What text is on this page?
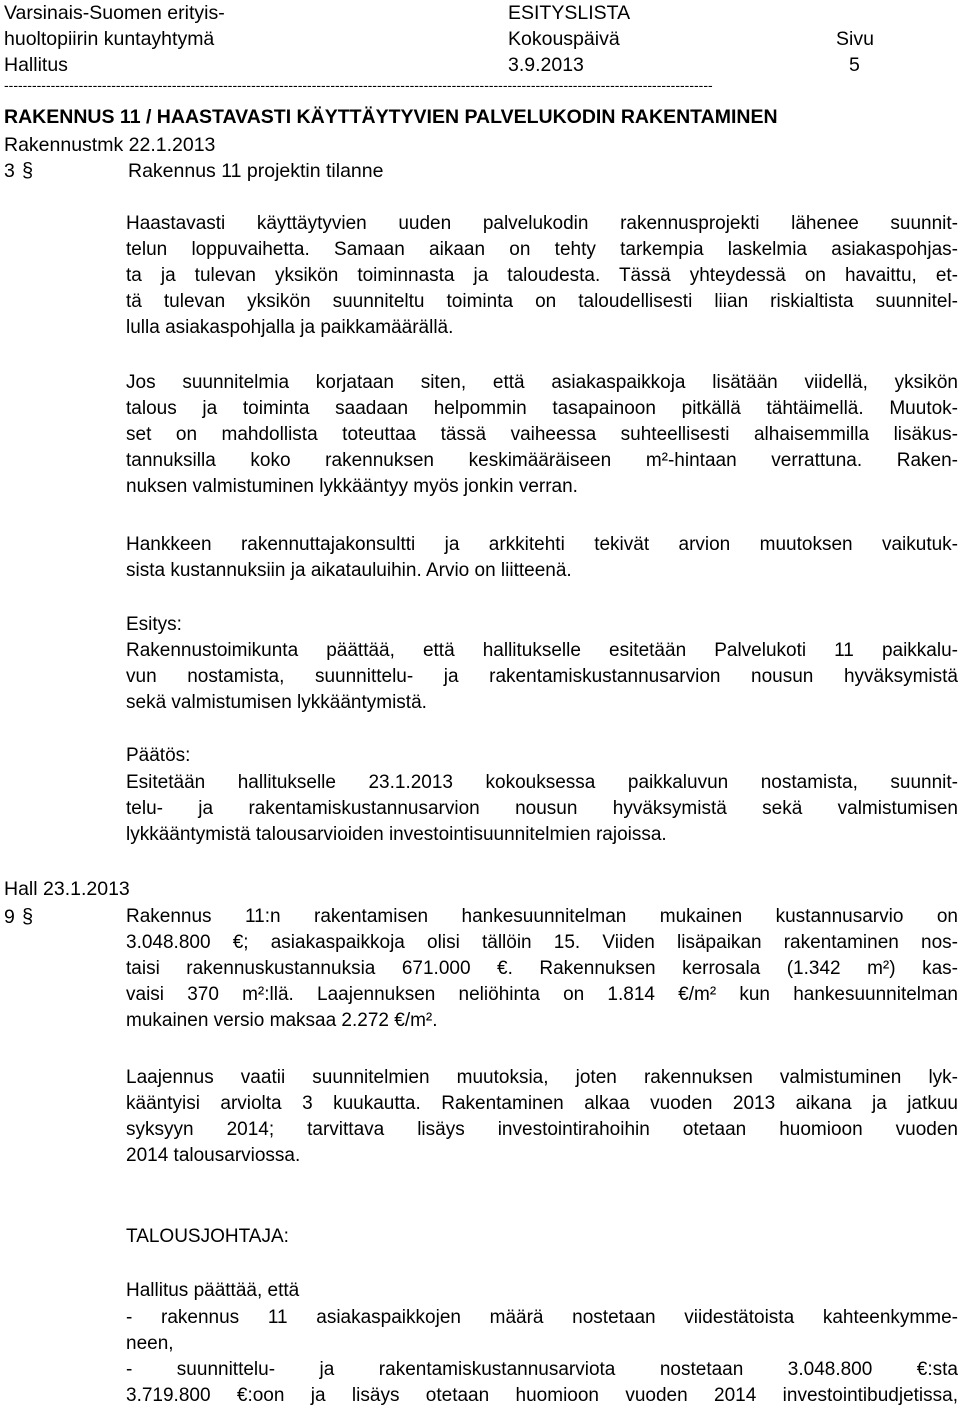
Varsinais-Suomen erityis-
huoltopiirin kuntayhtymä
Hallitus
ESITYSLISTA
Kokouspäivä
3.9.2013
Sivu
5
--------------------------------------------------------------------------------------------------------------------------------------------------------
RAKENNUS 11 / HAASTAVASTI KÄYTTÄYTYVIEN PALVELUKODIN RAKENTAMINEN
Rakennustmk 22.1.2013
3 §	Rakennus 11 projektin tilanne
Haastavasti käyttäytyvien uuden palvelukodin rakennusprojekti lähenee suunnit-
telun loppuvaihetta. Samaan aikaan on tehty tarkempia laskelmia asiakaspohjas-
ta ja tulevan yksikön toiminnasta ja taloudesta. Tässä yhteydessä on havaittu, et-
tä tulevan yksikön suunniteltu toiminta on taloudellisesti liian riskialtista suunnitel-
lulla asiakaspohjalla ja paikkamäärällä.
Jos suunnitelmia korjataan siten, että asiakaspaikkoja lisätään viidellä, yksikön
talous ja toiminta saadaan helpommin tasapainoon pitkällä tähtäimellä. Muutok-
set on mahdollista toteuttaa tässä vaiheessa suhteellisesti alhaisemmilla lisäkus-
tannuksilla koko rakennuksen keskimääräiseen m²-hintaan verrattuna. Raken-
nuksen valmistuminen lykkääntyy myös jonkin verran.
Hankkeen rakennuttajakonsultti ja arkkitehti tekivät arvion muutoksen vaikutuk-
sista kustannuksiin ja aikatauluihin. Arvio on liitteenä.
Esitys:
Rakennustoimikunta päättää, että hallitukselle esitetään Palvelukoti 11 paikkalu-
vun nostamista, suunnittelu- ja rakentamiskustannusarvion nousun hyväksymistä
sekä valmistumisen lykkääntymistä.
Päätös:
Esitetään hallitukselle 23.1.2013 kokouksessa paikkaluvun nostamista, suunnit-
telu- ja rakentamiskustannusarvion nousun hyväksymistä sekä valmistumisen
lykkääntymistä talousarvioiden investointisuunnitelmien rajoissa.
Hall 23.1.2013
9 §	Rakennus 11:n rakentamisen hankesuunnitelman mukainen kustannusarvio on
3.048.800 €; asiakaspaikkoja olisi tällöin 15. Viiden lisäpaikan rakentaminen nos-
taisi rakennuskustannuksia 671.000 €. Rakennuksen kerrosala (1.342 m²) kas-
vaisi 370 m²:llä. Laajennuksen neliöhinta on 1.814 €/m² kun hankesuunnitelman
mukainen versio maksaa 2.272 €/m².
Laajennus vaatii suunnitelmien muutoksia, joten rakennuksen valmistuminen lyk-
kääntyisi arviolta 3 kuukautta. Rakentaminen alkaa vuoden 2013 aikana ja jatkuu
syksyyn 2014; tarvittava lisäys investointirahoihin otetaan huomioon vuoden
2014 talousarviossa.
TALOUSJOHTAJA:
Hallitus päättää, että
- rakennus 11 asiakaspaikkojen määrä nostetaan viidestätoista kahteenkymme-
neen,
- suunnittelu- ja rakentamiskustannusarviota nostetaan 3.048.800 €:sta
3.719.800 €:oon ja lisäys otetaan huomioon vuoden 2014 investointibudjetissa,
